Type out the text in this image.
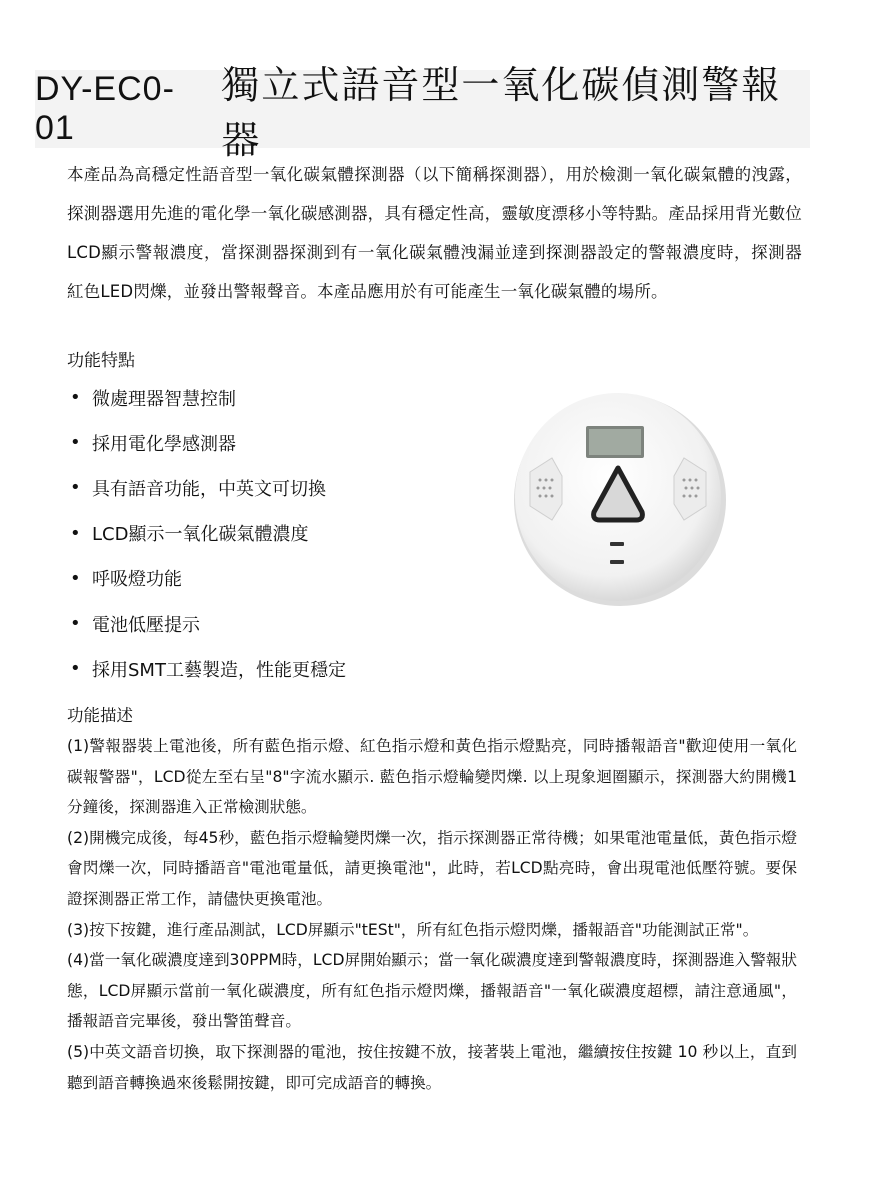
DY-EC0-01
獨立式語音型一氧化碳偵測警報器
本產品為高穩定性語音型一氧化碳氣體探測器（以下簡稱探測器），用於檢測一氧化碳氣體的洩露，探測器選用先進的電化學一氧化碳感測器，具有穩定性高，靈敏度漂移小等特點。產品採用背光數位LCD顯示警報濃度，當探測器探測到有一氧化碳氣體洩漏並達到探測器設定的警報濃度時，探測器紅色LED閃爍，並發出警報聲音。本產品應用於有可能產生一氧化碳氣體的場所。
功能特點
• 微處理器智慧控制
• 採用電化學感測器
• 具有語音功能，中英文可切換
• LCD顯示一氧化碳氣體濃度
• 呼吸燈功能
• 電池低壓提示
• 採用SMT工藝製造，性能更穩定
功能描述

(1)警報器裝上電池後，所有藍色指示燈、紅色指示燈和黃色指示燈點亮，同時播報語音"歡迎使用一氧化碳報警器"，LCD從左至右呈"8"字流水顯示. 藍色指示燈輪變閃爍. 以上現象迴圈顯示，探測器大約開機1分鐘後，探測器進入正常檢測狀態。

(2)開機完成後，每45秒，藍色指示燈輪變閃爍一次，指示探測器正常待機；如果電池電量低，黃色指示燈會閃爍一次，同時播語音"電池電量低，請更換電池"，此時，若LCD點亮時，會出現電池低壓符號。要保證探測器正常工作，請儘快更換電池。

(3)按下按鍵，進行產品測試，LCD屏顯示"tESt"，所有紅色指示燈閃爍，播報語音"功能測試正常"。

(4)當一氧化碳濃度達到30PPM時，LCD屏開始顯示；當一氧化碳濃度達到警報濃度時，探測器進入警報狀態，LCD屏顯示當前一氧化碳濃度，所有紅色指示燈閃爍，播報語音"一氧化碳濃度超標，請注意通風"，播報語音完畢後，發出警笛聲音。

(5)中英文語音切換，取下探測器的電池，按住按鍵不放，接著裝上電池，繼續按住按鍵 10 秒以上，直到聽到語音轉換過來後鬆開按鍵，即可完成語音的轉換。
